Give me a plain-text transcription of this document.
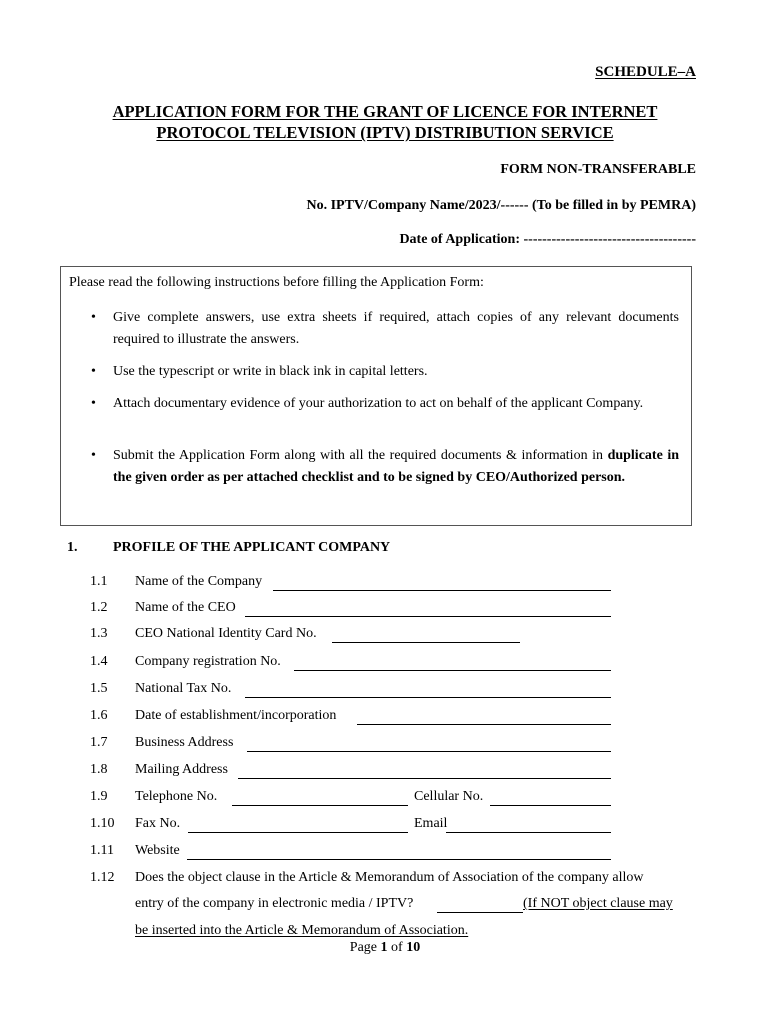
SCHEDULE–A
APPLICATION FORM FOR THE GRANT OF LICENCE FOR INTERNET
PROTOCOL TELEVISION (IPTV) DISTRIBUTION SERVICE
FORM NON-TRANSFERABLE
No. IPTV/Company Name/2023/------ (To be filled in by PEMRA)
Date of Application: -------------------------------------
Please read the following instructions before filling the Application Form:
• Give complete answers, use extra sheets if required, attach copies of any relevant documents required to illustrate the answers.
• Use the typescript or write in black ink in capital letters.
• Attach documentary evidence of your authorization to act on behalf of the applicant Company.
• Submit the Application Form along with all the required documents & information in duplicate in the given order as per attached checklist and to be signed by CEO/Authorized person.
1.	PROFILE OF THE APPLICANT COMPANY
1.1 Name of the Company
1.2 Name of the CEO
1.3 CEO National Identity Card No.
1.4 Company registration No.
1.5 National Tax No.
1.6 Date of establishment/incorporation
1.7 Business Address
1.8 Mailing Address
1.9 Telephone No.	Cellular No.
1.10 Fax No.	Email
1.11 Website
1.12 Does the object clause in the Article & Memorandum of Association of the company allow
entry of the company in electronic media / IPTV?	(If NOT object clause may
be inserted into the Article & Memorandum of Association.
Page 1 of 10
